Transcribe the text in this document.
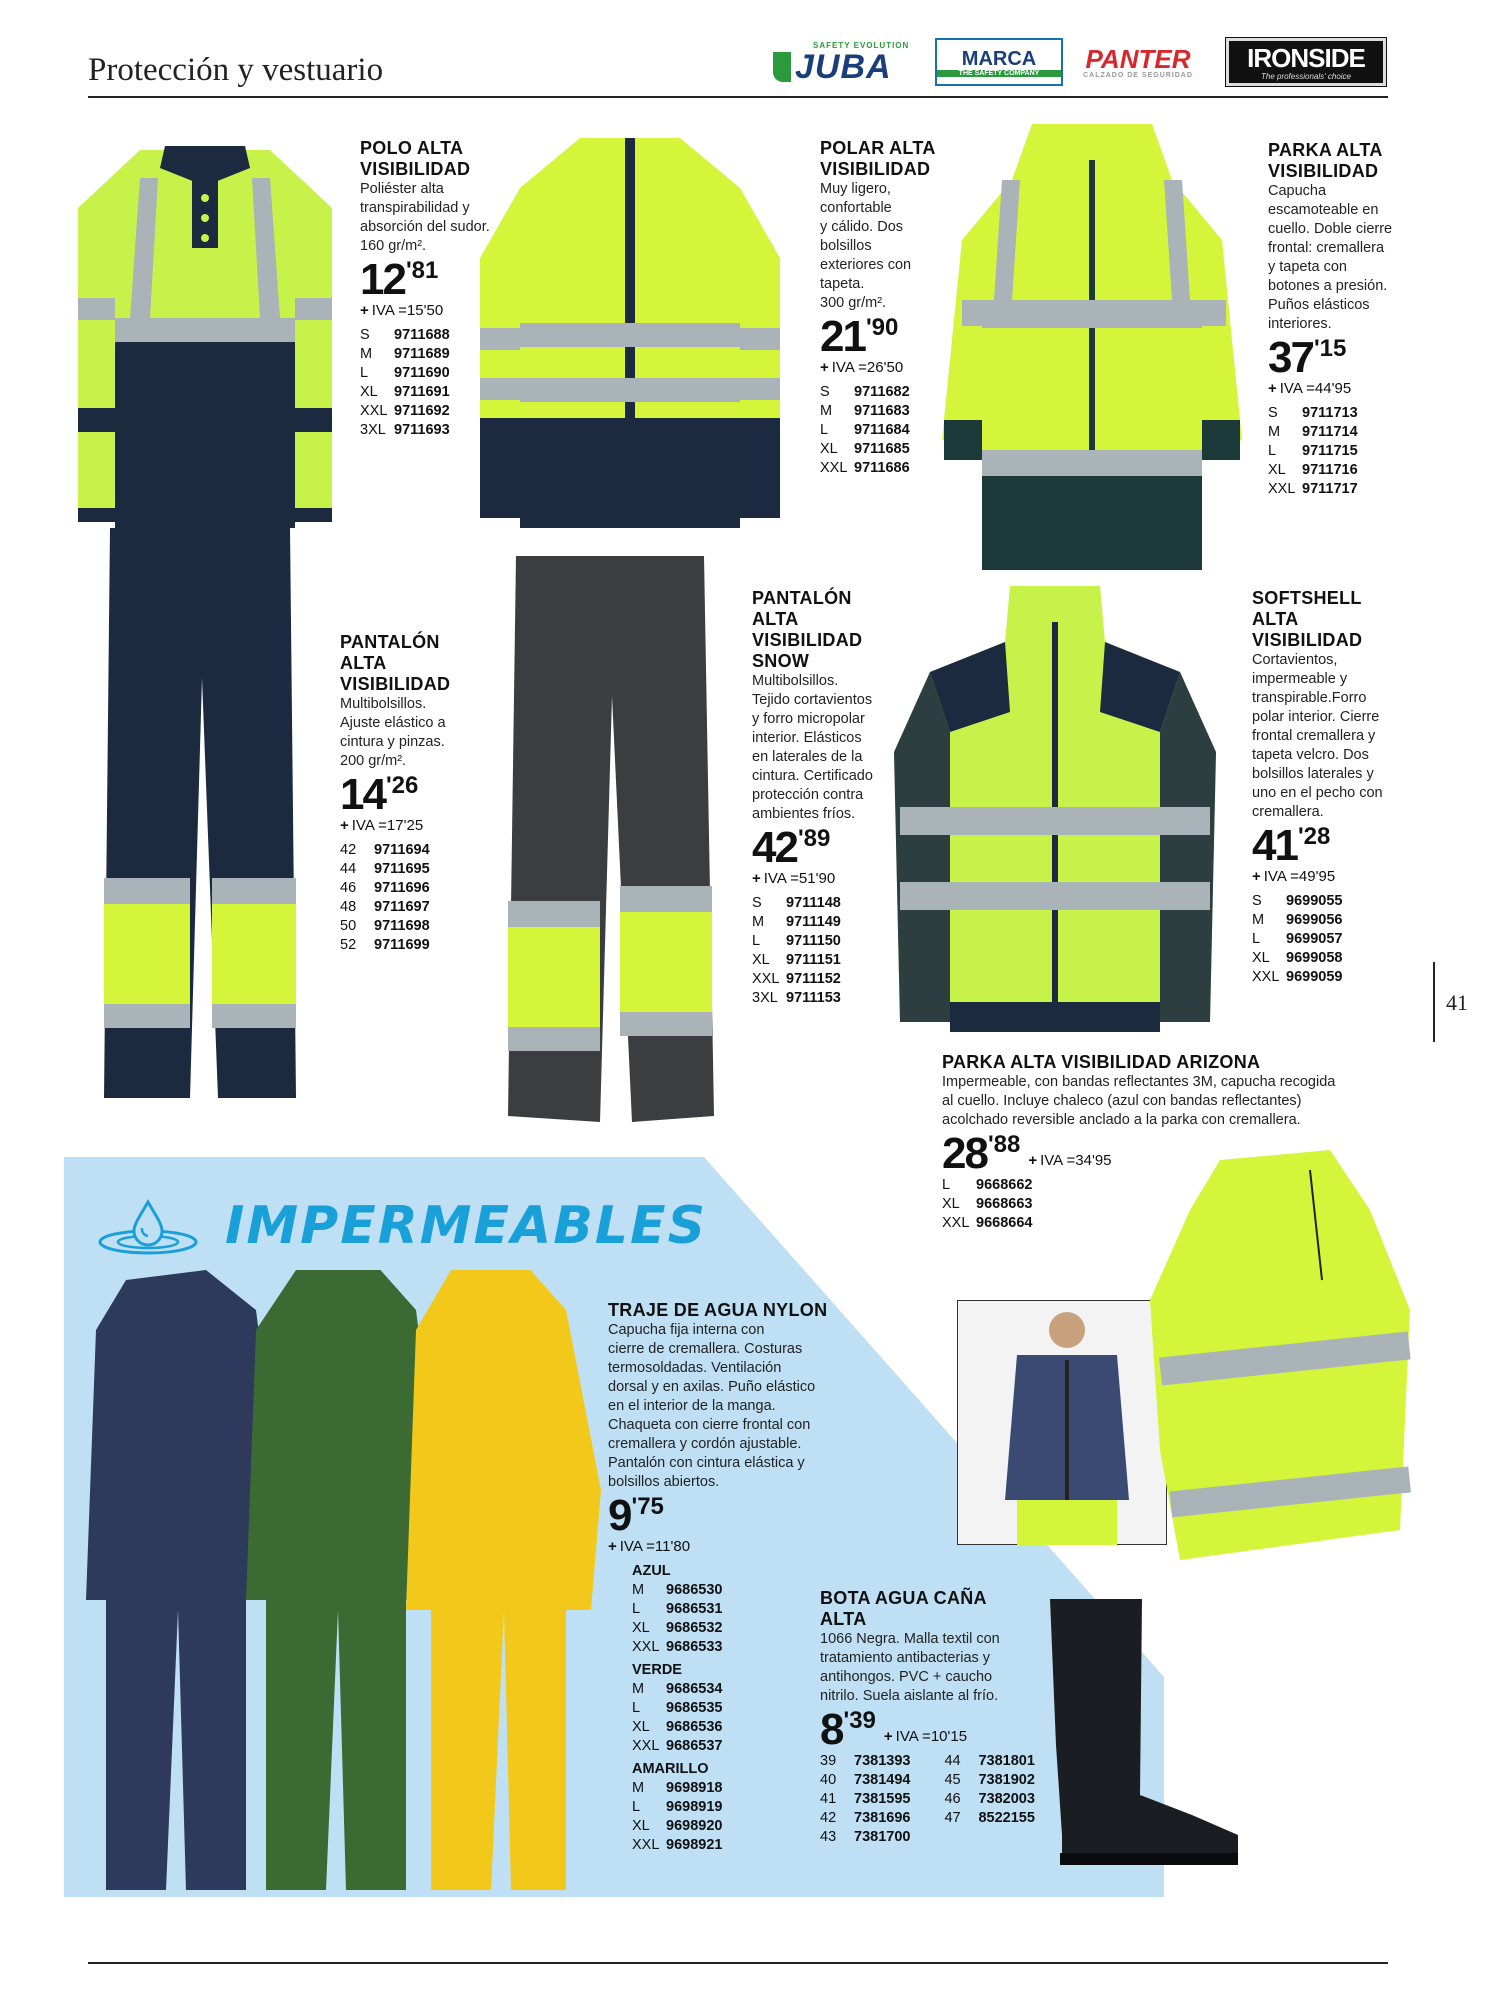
Protección y vestuario
SAFETY EVOLUTION
JUBA	MARCA
THE SAFETY COMPANY	PANTER
CALZADO DE SEGURIDAD
IRONSIDE
The professionals' choice
41
IMPERMEABLES
POLO ALTA
VISIBILIDAD
Poliéster alta
transpirabilidad y
absorción del sudor.
160 gr/m².
12 '81
+ IVA =15'50
S	9711688
M	9711689
L	9711690
XL	9711691
XXL 9711692
3XL 9711693
POLAR ALTA
VISIBILIDAD
Muy ligero,
confortable
y cálido. Dos
bolsillos
exteriores con
tapeta.
300 gr/m².
21 '90
+ IVA =26'50
S	9711682
M	9711683
L	9711684
XL	9711685
XXL 9711686
PARKA ALTA
VISIBILIDAD
Capucha
escamoteable en
cuello. Doble cierre
frontal: cremallera
y tapeta con
botones a presión.
Puños elásticos
interiores.
37 '15
+ IVA =44'95
S	9711713
M	9711714
L	9711715
XL	9711716
XXL 9711717
PANTALÓN
ALTA
VISIBILIDAD
Multibolsillos.
Ajuste elástico a
cintura y pinzas.
200 gr/m².
14 '26
+ IVA =17'25
42	9711694
44	9711695
46	9711696
48	9711697
50	9711698
52	9711699
PANTALÓN
ALTA
VISIBILIDAD
SNOW
Multibolsillos.
Tejido cortavientos
y forro micropolar
interior. Elásticos
en laterales de la
cintura. Certificado
protección contra
ambientes fríos.
42 '89
+ IVA =51'90
S	9711148
M	9711149
L	9711150
XL	9711151
XXL 9711152
3XL 9711153
SOFTSHELL
ALTA
VISIBILIDAD
Cortavientos,
impermeable y
transpirable.Forro
polar interior. Cierre
frontal cremallera y
tapeta velcro. Dos
bolsillos laterales y
uno en el pecho con
cremallera.
41 '28
+ IVA =49'95
S	9699055
M	9699056
L	9699057
XL	9699058
XXL 9699059
PARKA ALTA VISIBILIDAD ARIZONA
Impermeable, con bandas reflectantes 3M, capucha recogida
al cuello. Incluye chaleco (azul con bandas reflectantes)
acolchado reversible anclado a la parka con cremallera.
28 '88
+ IVA =34'95
L	9668662
XL	9668663
XXL 9668664
TRAJE DE AGUA NYLON
Capucha fija interna con
cierre de cremallera. Costuras
termosoldadas. Ventilación
dorsal y en axilas. Puño elástico
en el interior de la manga.
Chaqueta con cierre frontal con
cremallera y cordón ajustable.
Pantalón con cintura elástica y
bolsillos abiertos.
9 '75
+ IVA =11'80
AZUL
M	9686530
L	9686531
XL	9686532
XXL 9686533
VERDE
M	9686534
L	9686535
XL	9686536
XXL 9686537
AMARILLO
M	9698918
L	9698919
XL	9698920
XXL 9698921
BOTA AGUA CAÑA
ALTA
1066 Negra. Malla textil con
tratamiento antibacterias y
antihongos. PVC + caucho
nitrilo. Suela aislante al frío.
8 '39
+ IVA =10'15
39	7381393
40	7381494
41	7381595
42	7381696
43	7381700
44	7381801
45	7381902
46	7382003
47	8522155
